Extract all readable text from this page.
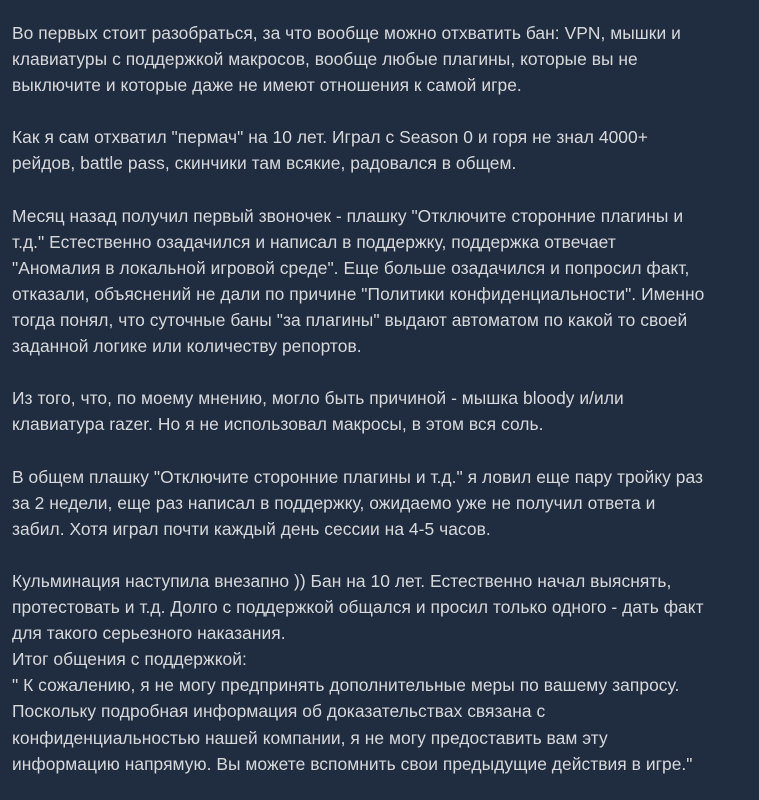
Во первых стоит разобраться, за что вообще можно отхватить бан: VPN, мышки и
клавиатуры с поддержкой макросов, вообще любые плагины, которые вы не
выключите и которые даже не имеют отношения к самой игре.
Как я сам отхватил "пермач" на 10 лет. Играл с Season 0 и горя не знал 4000+
рейдов, battle pass, скинчики там всякие, радовался в общем.
Месяц назад получил первый звоночек - плашку "Отключите сторонние плагины и
т.д." Естественно озадачился и написал в поддержку, поддержка отвечает
"Аномалия в локальной игровой среде". Еще больше озадачился и попросил факт,
отказали, объяснений не дали по причине "Политики конфиденциальности". Именно
тогда понял, что суточные баны "за плагины" выдают автоматом по какой то своей
заданной логике или количеству репортов.
Из того, что, по моему мнению, могло быть причиной - мышка bloody и/или
клавиатура razer. Но я не использовал макросы, в этом вся соль.
В общем плашку "Отключите сторонние плагины и т.д." я ловил еще пару тройку раз
за 2 недели, еще раз написал в поддержку, ожидаемо уже не получил ответа и
забил. Хотя играл почти каждый день сессии на 4-5 часов.
Кульминация наступила внезапно )) Бан на 10 лет. Естественно начал выяснять,
протестовать и т.д. Долго с поддержкой общался и просил только одного - дать факт
для такого серьезного наказания.
Итог общения с поддержкой:
" К сожалению, я не могу предпринять дополнительные меры по вашему запросу.
Поскольку подробная информация об доказательствах связана с
конфиденциальностью нашей компании, я не могу предоставить вам эту
информацию напрямую. Вы можете вспомнить свои предыдущие действия в игре."
